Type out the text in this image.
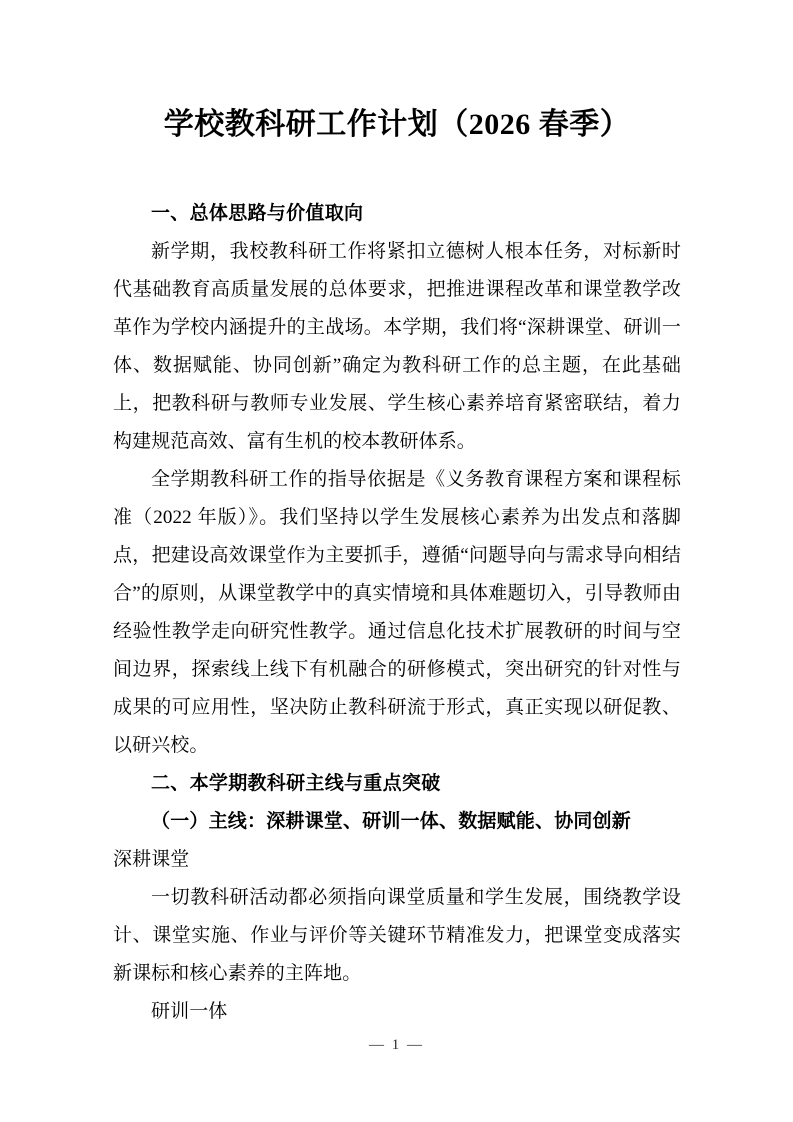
学校教科研工作计划（2026 春季）
一、总体思路与价值取向

新学期，我校教科研工作将紧扣立德树人根本任务，对标新时代基础教育高质量发展的总体要求，把推进课程改革和课堂教学改革作为学校内涵提升的主战场。本学期，我们将“深耕课堂、研训一体、数据赋能、协同创新”确定为教科研工作的总主题，在此基础上，把教科研与教师专业发展、学生核心素养培育紧密联结，着力构建规范高效、富有生机的校本教研体系。

全学期教科研工作的指导依据是《义务教育课程方案和课程标准（2022 年版）》。我们坚持以学生发展核心素养为出发点和落脚点，把建设高效课堂作为主要抓手，遵循“问题导向与需求导向相结合”的原则，从课堂教学中的真实情境和具体难题切入，引导教师由经验性教学走向研究性教学。通过信息化技术扩展教研的时间与空间边界，探索线上线下有机融合的研修模式，突出研究的针对性与成果的可应用性，坚决防止教科研流于形式，真正实现以研促教、以研兴校。

二、本学期教科研主线与重点突破
（一）主线：深耕课堂、研训一体、数据赋能、协同创新

深耕课堂

一切教科研活动都必须指向课堂质量和学生发展，围绕教学设计、课堂实施、作业与评价等关键环节精准发力，把课堂变成落实新课标和核心素养的主阵地。

研训一体

— 1 —
